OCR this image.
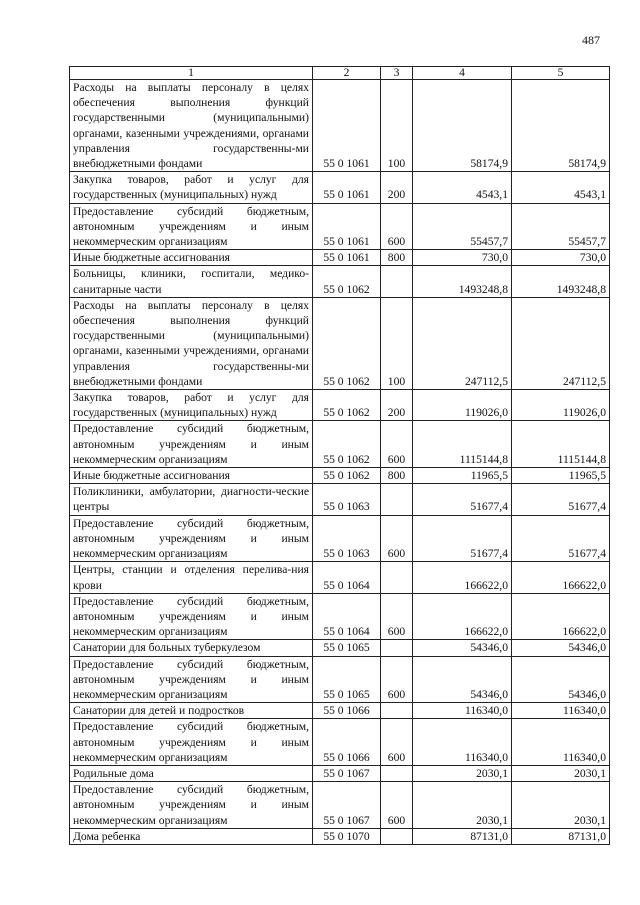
487
1	2	3	4	5
Расходы на выплаты персоналу в целях обеспечения выполнения функций государственными (муниципальными) органами, казенными учреждениями, органами управления государственны-ми внебюджетными фондами	55 0 1061	100	58174,9	58174,9
Закупка товаров, работ и услуг для государственных (муниципальных) нужд	55 0 1061	200	4543,1	4543,1
Предоставление субсидий бюджетным, автономным учреждениям и иным некоммерческим организациям	55 0 1061	600	55457,7	55457,7
Иные бюджетные ассигнования	55 0 1061	800	730,0	730,0
Больницы, клиники, госпитали, медико-санитарные части	55 0 1062		1493248,8	1493248,8
Расходы на выплаты персоналу в целях обеспечения выполнения функций государственными (муниципальными) органами, казенными учреждениями, органами управления государственны-ми внебюджетными фондами	55 0 1062	100	247112,5	247112,5
Закупка товаров, работ и услуг для государственных (муниципальных) нужд	55 0 1062	200	119026,0	119026,0
Предоставление субсидий бюджетным, автономным учреждениям и иным некоммерческим организациям	55 0 1062	600	1115144,8	1115144,8
Иные бюджетные ассигнования	55 0 1062	800	11965,5	11965,5
Поликлиники, амбулатории, диагности-ческие центры	55 0 1063		51677,4	51677,4
Предоставление субсидий бюджетным, автономным учреждениям и иным некоммерческим организациям	55 0 1063	600	51677,4	51677,4
Центры, станции и отделения перелива-ния крови	55 0 1064		166622,0	166622,0
Предоставление субсидий бюджетным, автономным учреждениям и иным некоммерческим организациям	55 0 1064	600	166622,0	166622,0
Санатории для больных туберкулезом	55 0 1065		54346,0	54346,0
Предоставление субсидий бюджетным, автономным учреждениям и иным некоммерческим организациям	55 0 1065	600	54346,0	54346,0
Санатории для детей и подростков	55 0 1066		116340,0	116340,0
Предоставление субсидий бюджетным, автономным учреждениям и иным некоммерческим организациям	55 0 1066	600	116340,0	116340,0
Родильные дома	55 0 1067		2030,1	2030,1
Предоставление субсидий бюджетным, автономным учреждениям и иным некоммерческим организациям	55 0 1067	600	2030,1	2030,1
Дома ребенка	55 0 1070		87131,0	87131,0
